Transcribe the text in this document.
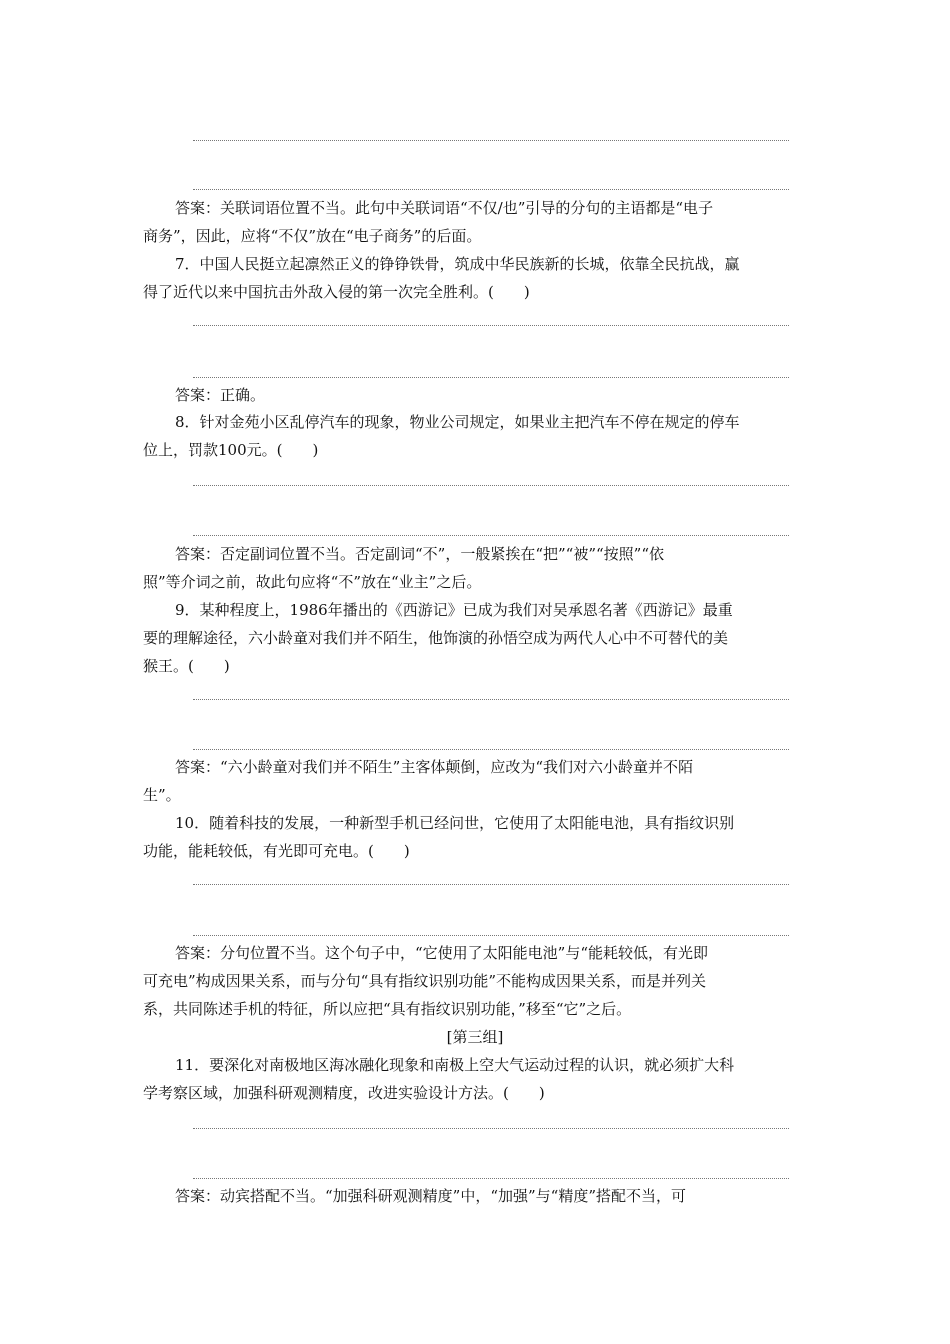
答案：关联词语位置不当。此句中关联词语“不仅/也”引导的分句的主语都是“电子
商务”，因此，应将“不仅”放在“电子商务”的后面。
7．中国人民挺立起凛然正义的铮铮铁骨，筑成中华民族新的长城，依靠全民抗战，赢
得了近代以来中国抗击外敌入侵的第一次完全胜利。(　　)
答案：正确。
8．针对金苑小区乱停汽车的现象，物业公司规定，如果业主把汽车不停在规定的停车
位上，罚款100元。(　　)
答案：否定副词位置不当。否定副词“不”，一般紧挨在“把”“被”“按照”“依
照”等介词之前，故此句应将“不”放在“业主”之后。
9．某种程度上，1986年播出的《西游记》已成为我们对吴承恩名著《西游记》最重
要的理解途径，六小龄童对我们并不陌生，他饰演的孙悟空成为两代人心中不可替代的美
猴王。(　　)
答案：“六小龄童对我们并不陌生”主客体颠倒，应改为“我们对六小龄童并不陌
生”。
10．随着科技的发展，一种新型手机已经问世，它使用了太阳能电池，具有指纹识别
功能，能耗较低，有光即可充电。(　　)
答案：分句位置不当。这个句子中，“它使用了太阳能电池”与“能耗较低，有光即
可充电”构成因果关系，而与分句“具有指纹识别功能”不能构成因果关系，而是并列关
系，共同陈述手机的特征，所以应把“具有指纹识别功能，”移至“它”之后。
[第三组]
11．要深化对南极地区海冰融化现象和南极上空大气运动过程的认识，就必须扩大科
学考察区域，加强科研观测精度，改进实验设计方法。(　　)
答案：动宾搭配不当。“加强科研观测精度”中，“加强”与“精度”搭配不当，可
